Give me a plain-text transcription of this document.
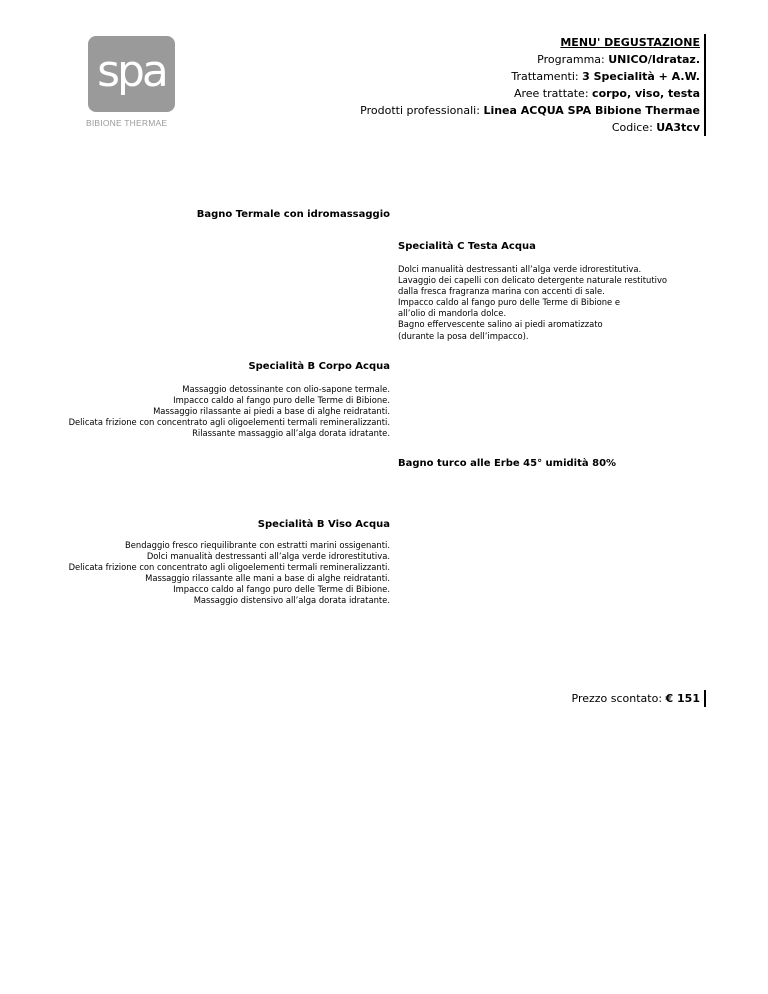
spa
BIBIONE THERMAE
MENU' DEGUSTAZIONE
Programma: UNICO/Idrataz.
Trattamenti: 3 Specialità + A.W.
Aree trattate: corpo, viso, testa
Prodotti professionali: Linea ACQUA SPA Bibione Thermae
Codice: UA3tcv
Bagno Termale con idromassaggio
Specialità C Testa Acqua
Dolci manualità destressanti all’alga verde idrorestitutiva.
Lavaggio dei capelli con delicato detergente naturale restitutivo
dalla fresca fragranza marina con accenti di sale.
Impacco caldo al fango puro delle Terme di Bibione e
all’olio di mandorla dolce.
Bagno effervescente salino ai piedi aromatizzato
(durante la posa dell’impacco).
Specialità B Corpo Acqua
Massaggio detossinante con olio-sapone termale.
Impacco caldo al fango puro delle Terme di Bibione.
Massaggio rilassante ai piedi a base di alghe reidratanti.
Delicata frizione con concentrato agli oligoelementi termali remineralizzanti.
Rilassante massaggio all’alga dorata idratante.
Bagno turco alle Erbe 45° umidità 80%
Specialità B Viso Acqua
Bendaggio fresco riequilibrante con estratti marini ossigenanti.
Dolci manualità destressanti all’alga verde idrorestitutiva.
Delicata frizione con concentrato agli oligoelementi termali remineralizzanti.
Massaggio rilassante alle mani a base di alghe reidratanti.
Impacco caldo al fango puro delle Terme di Bibione.
Massaggio distensivo all’alga dorata idratante.
Prezzo scontato: € 151
